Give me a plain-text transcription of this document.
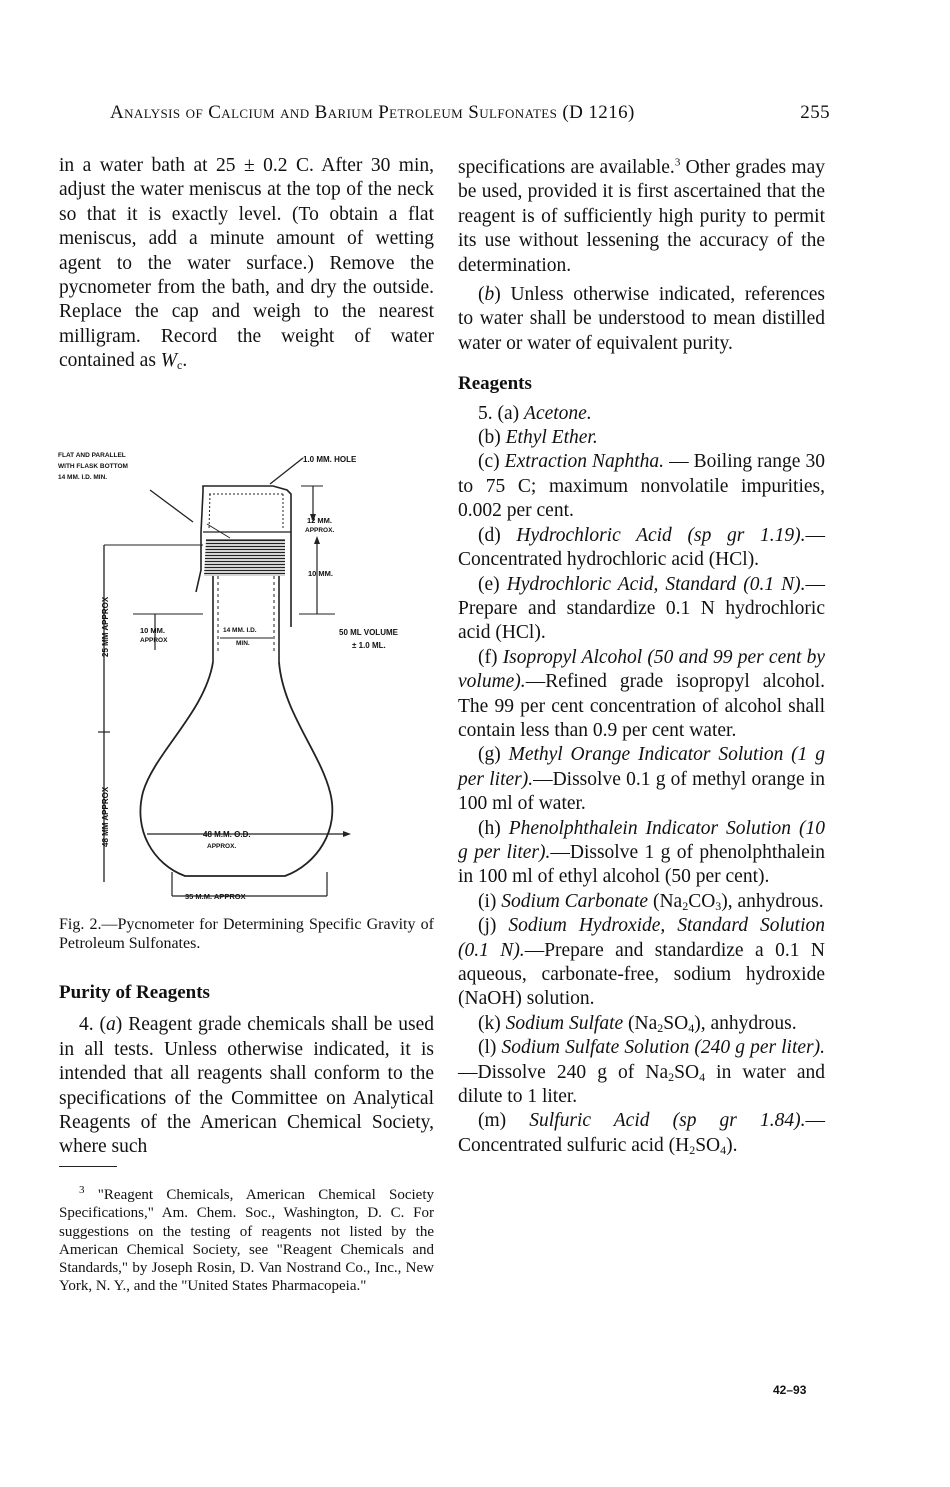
Analysis of Calcium and Barium Petroleum Sulfonates (D 1216)	255

in a water bath at 25 ± 0.2 C. After 30 min, adjust the water meniscus at the top of the neck so that it is exactly level. (To obtain a flat meniscus, add a minute amount of wetting agent to the water surface.) Remove the pycnometer from the bath, and dry the outside. Replace the cap and weigh to the nearest milligram. Record the weight of water contained as $W_c$.

FLAT AND PARALLEL
WITH FLASK BOTTOM
14 MM. I.D. MIN.
1.0 MM. HOLE
12 MM.
APPROX.
10 MM.
10 MM.
APPROX
14 MM. I.D.
MIN.
50 ML VOLUME
± 1.0 ML.
25 MM APPROX
48 MM APPROX	48 M.M. O.D.
APPROX.
35 M.M. APPROX

Fig. 2.—Pycnometer for Determining Specific Gravity of Petroleum Sulfonates.

Purity of Reagents

4. (a) Reagent grade chemicals shall be used in all tests. Unless otherwise indicated, it is intended that all reagents shall conform to the specifications of the Committee on Analytical Reagents of the American Chemical Society, where such

$^3$ "Reagent Chemicals, American Chemical Society Specifications," Am. Chem. Soc., Washington, D. C. For suggestions on the testing of reagents not listed by the American Chemical Society, see "Reagent Chemicals and Standards," by Joseph Rosin, D. Van Nostrand Co., Inc., New York, N. Y., and the "United States Pharmacopeia."

specifications are available.$^3$ Other grades may be used, provided it is first ascertained that the reagent is of sufficiently high purity to permit its use without lessening the accuracy of the determination.

(b) Unless otherwise indicated, references to water shall be understood to mean distilled water or water of equivalent purity.

Reagents

5. (a) Acetone.

(b) Ethyl Ether.

(c) Extraction Naphtha. — Boiling range 30 to 75 C; maximum nonvolatile impurities, 0.002 per cent.

(d) Hydrochloric Acid (sp gr 1.19).—Concentrated hydrochloric acid (HCl).

(e) Hydrochloric Acid, Standard (0.1 N).—Prepare and standardize 0.1 N hydrochloric acid (HCl).

(f) Isopropyl Alcohol (50 and 99 per cent by volume).—Refined grade isopropyl alcohol. The 99 per cent concentration of alcohol shall contain less than 0.9 per cent water.

(g) Methyl Orange Indicator Solution (1 g per liter).—Dissolve 0.1 g of methyl orange in 100 ml of water.

(h) Phenolphthalein Indicator Solution (10 g per liter).—Dissolve 1 g of phenolphthalein in 100 ml of ethyl alcohol (50 per cent).

(i) Sodium Carbonate $(Na_2CO_3)$, anhydrous.

(j) Sodium Hydroxide, Standard Solution (0.1 N).—Prepare and standardize a 0.1 N aqueous, carbonate-free, sodium hydroxide (NaOH) solution.

(k) Sodium Sulfate $(Na_2SO_4)$, anhydrous.

(l) Sodium Sulfate Solution (240 g per liter).—Dissolve 240 g of $Na_2SO_4$ in water and dilute to 1 liter.

(m) Sulfuric Acid (sp gr 1.84).—Concentrated sulfuric acid $(H_2SO_4)$.

42–93
